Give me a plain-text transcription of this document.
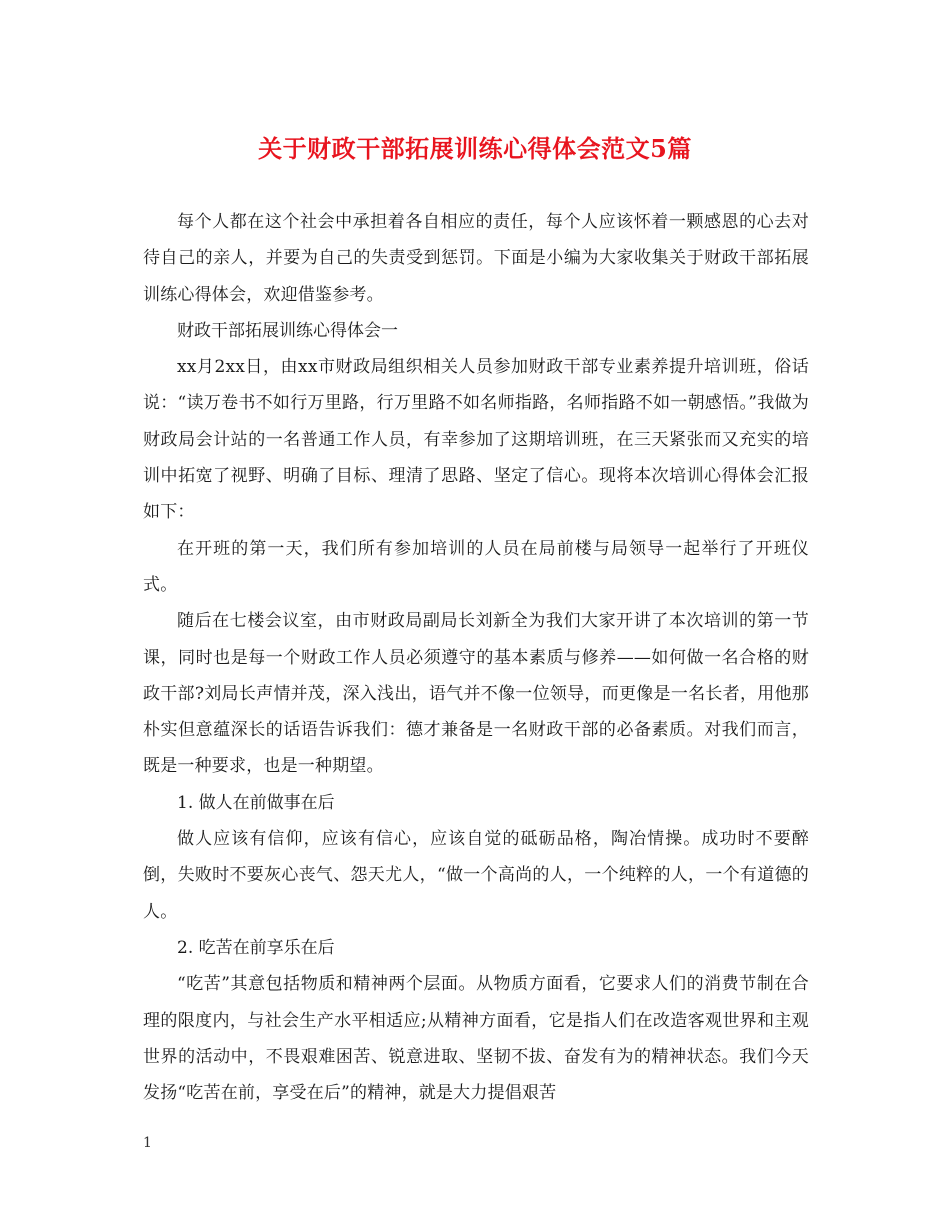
关于财政干部拓展训练心得体会范文5篇

每个人都在这个社会中承担着各自相应的责任，每个人应该怀着一颗感恩的心去对待自己的亲人，并要为自己的失责受到惩罚。下面是小编为大家收集关于财政干部拓展训练心得体会，欢迎借鉴参考。

财政干部拓展训练心得体会一

xx月2xx日，由xx市财政局组织相关人员参加财政干部专业素养提升培训班，俗话说：“读万卷书不如行万里路，行万里路不如名师指路，名师指路不如一朝感悟。”我做为财政局会计站的一名普通工作人员，有幸参加了这期培训班，在三天紧张而又充实的培训中拓宽了视野、明确了目标、理清了思路、坚定了信心。现将本次培训心得体会汇报如下：

在开班的第一天，我们所有参加培训的人员在局前楼与局领导一起举行了开班仪式。

随后在七楼会议室，由市财政局副局长刘新全为我们大家开讲了本次培训的第一节课，同时也是每一个财政工作人员必须遵守的基本素质与修养——如何做一名合格的财政干部?刘局长声情并茂，深入浅出，语气并不像一位领导，而更像是一名长者，用他那朴实但意蕴深长的话语告诉我们：德才兼备是一名财政干部的必备素质。对我们而言，既是一种要求，也是一种期望。

1. 做人在前做事在后

做人应该有信仰，应该有信心，应该自觉的砥砺品格，陶冶情操。成功时不要醉倒，失败时不要灰心丧气、怨天尤人，“做一个高尚的人，一个纯粹的人，一个有道德的人。

2. 吃苦在前享乐在后

“吃苦”其意包括物质和精神两个层面。从物质方面看，它要求人们的消费节制在合理的限度内，与社会生产水平相适应;从精神方面看，它是指人们在改造客观世界和主观世界的活动中，不畏艰难困苦、锐意进取、坚韧不拔、奋发有为的精神状态。我们今天发扬“吃苦在前，享受在后”的精神，就是大力提倡艰苦

1
